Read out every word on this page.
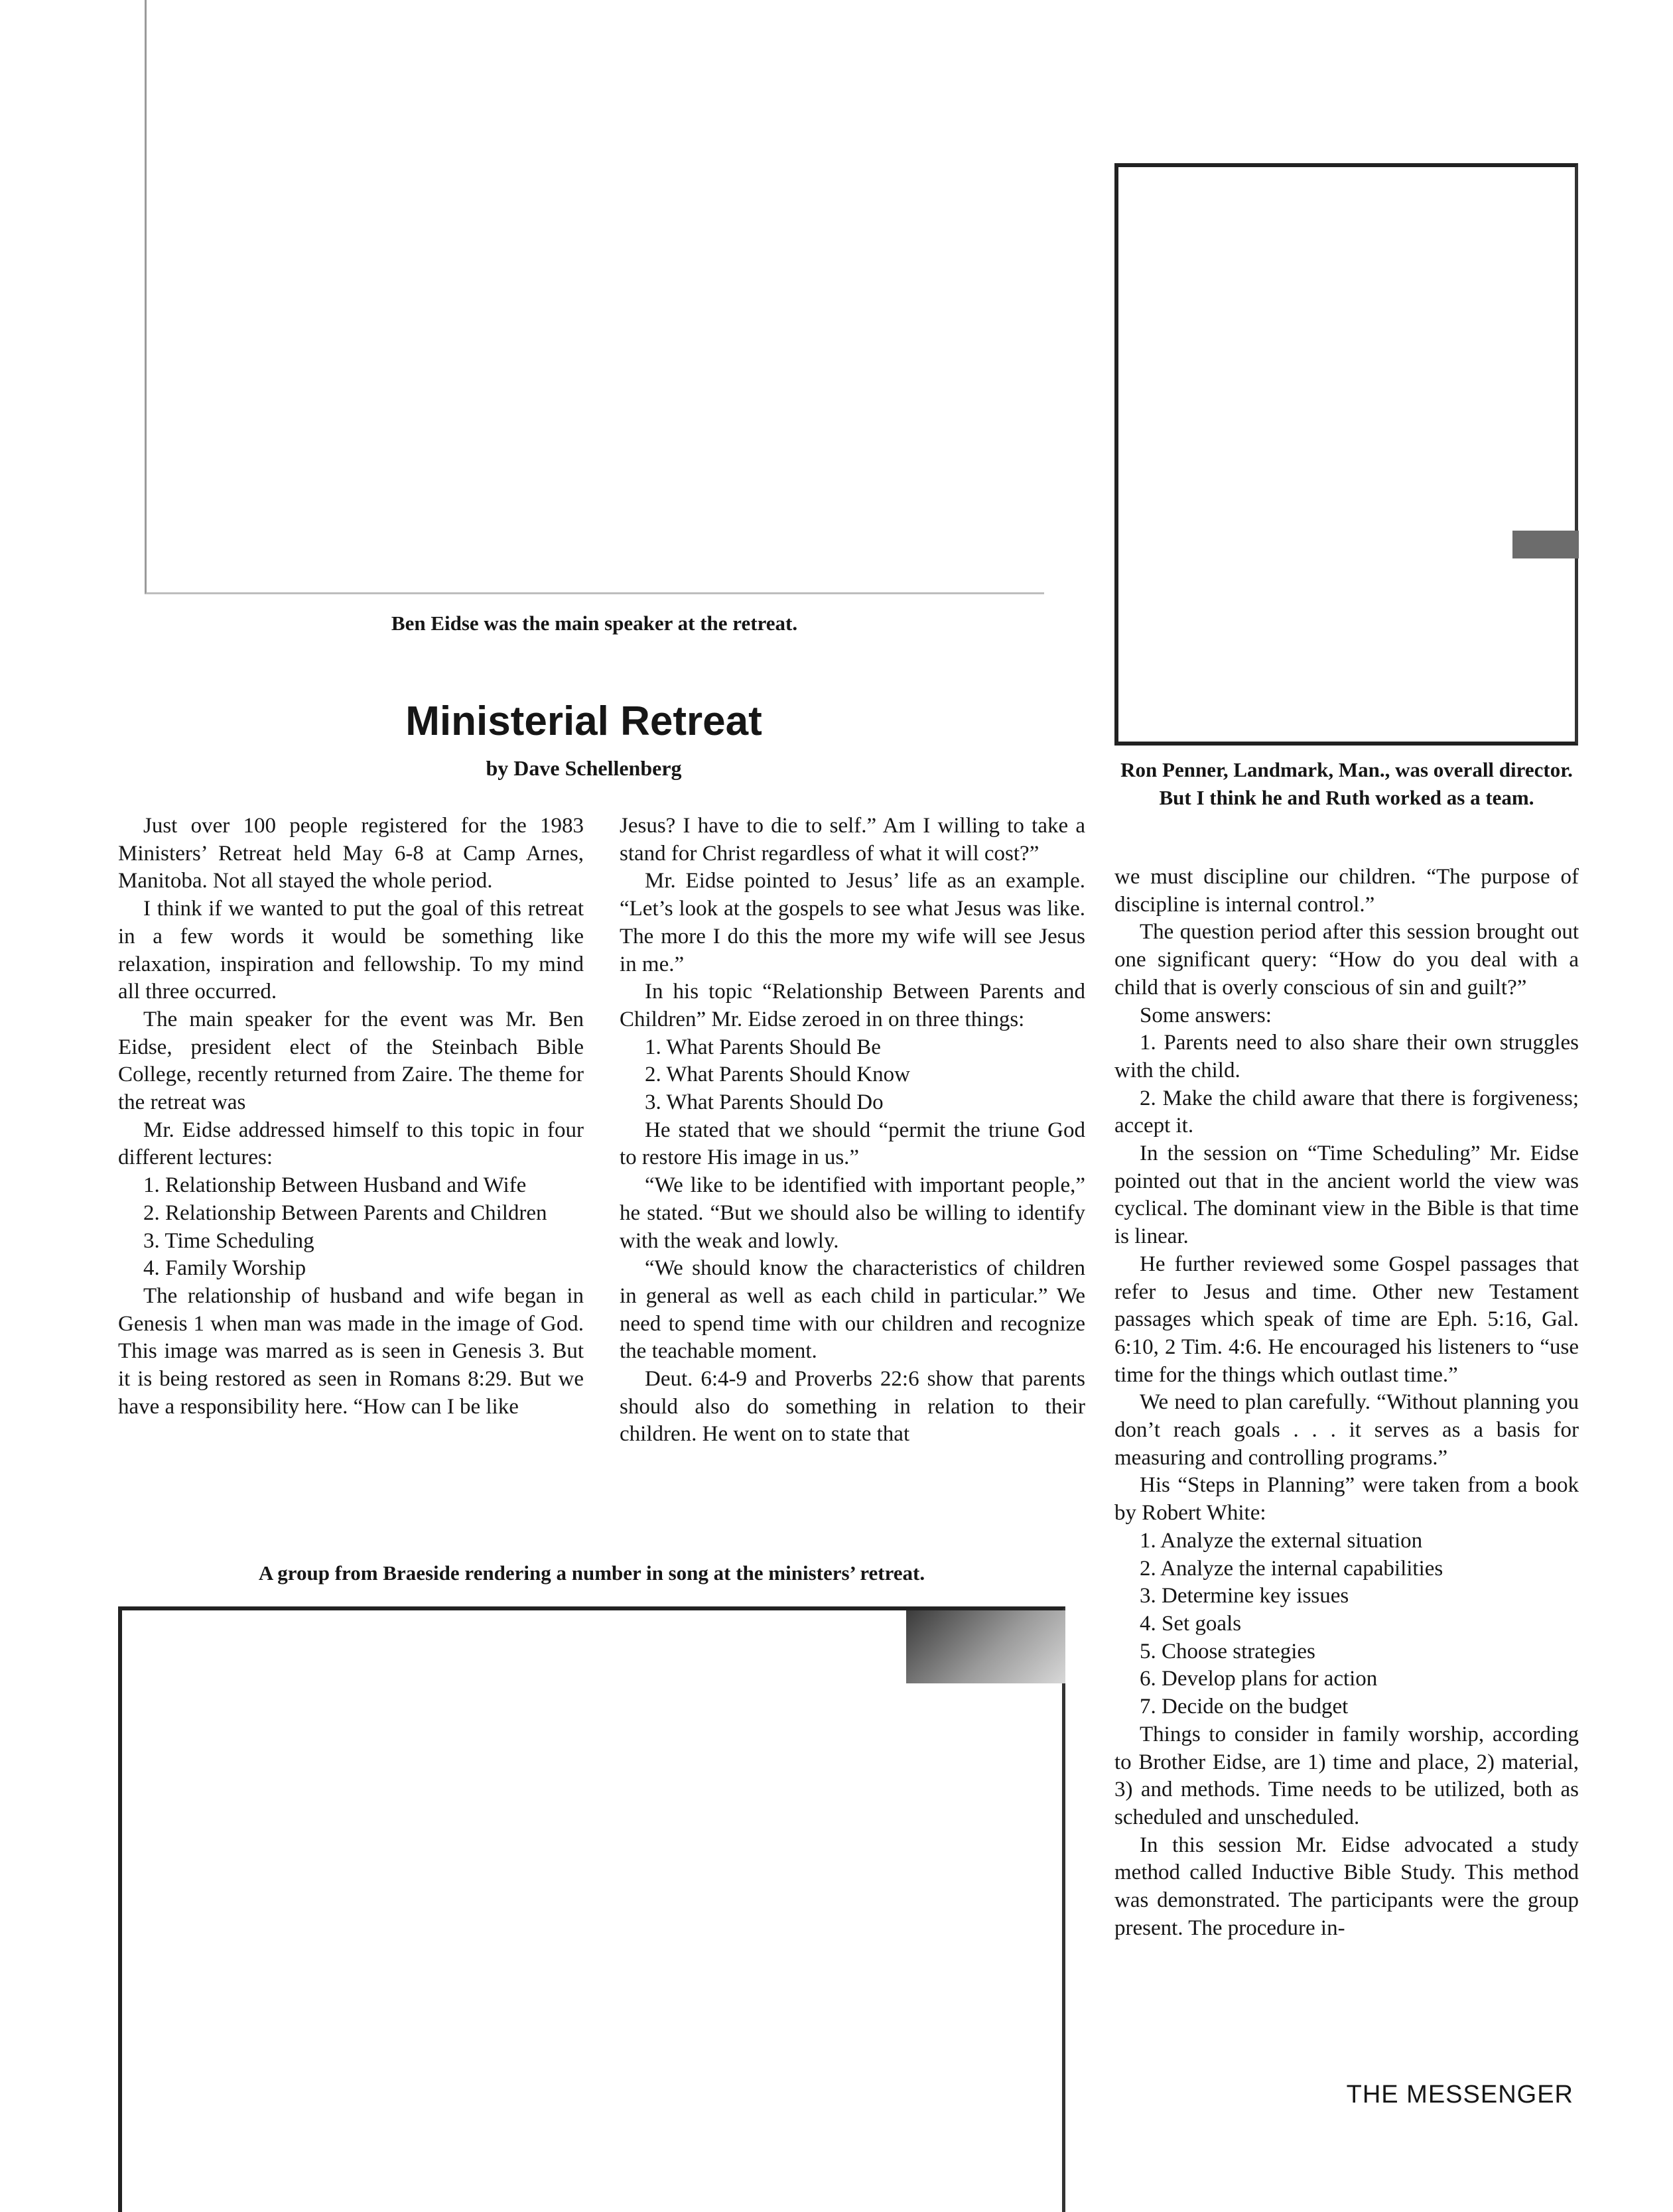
Ben Eidse was the main speaker at the retreat.
Ron Penner, Landmark, Man., was overall director. But I think he and Ruth worked as a team.
Ministerial Retreat
by Dave Schellenberg

Just over 100 people registered for the 1983 Ministers’ Retreat held May 6-8 at Camp Arnes, Manitoba. Not all stayed the whole period.

I think if we wanted to put the goal of this retreat in a few words it would be something like relaxation, inspiration and fellowship. To my mind all three occurred.

The main speaker for the event was Mr. Ben Eidse, president elect of the Steinbach Bible College, recently returned from Zaire. The theme for the retreat was

Mr. Eidse addressed himself to this topic in four different lectures:

1. Relationship Between Husband and Wife

2. Relationship Between Parents and Children

3. Time Scheduling

4. Family Worship

The relationship of husband and wife began in Genesis 1 when man was made in the image of God. This image was marred as is seen in Genesis 3. But it is being restored as seen in Romans 8:29. But we have a responsibility here. “How can I be like

Jesus? I have to die to self.” Am I willing to take a stand for Christ regardless of what it will cost?”

Mr. Eidse pointed to Jesus’ life as an example. “Let’s look at the gospels to see what Jesus was like. The more I do this the more my wife will see Jesus in me.”

In his topic “Relationship Between Parents and Children” Mr. Eidse zeroed in on three things:

1. What Parents Should Be

2. What Parents Should Know

3. What Parents Should Do

He stated that we should “permit the triune God to restore His image in us.”

“We like to be identified with important people,” he stated. “But we should also be willing to identify with the weak and lowly.

“We should know the characteristics of children in general as well as each child in particular.” We need to spend time with our children and recognize the teachable moment.

Deut. 6:4-9 and Proverbs 22:6 show that parents should also do something in relation to their children. He went on to state that

A group from Braeside rendering a number in song at the ministers’ retreat.

we must discipline our children. “The purpose of discipline is internal control.”

The question period after this session brought out one significant query: “How do you deal with a child that is overly conscious of sin and guilt?”

Some answers:

1. Parents need to also share their own struggles with the child.

2. Make the child aware that there is forgiveness; accept it.

In the session on “Time Scheduling” Mr. Eidse pointed out that in the ancient world the view was cyclical. The dominant view in the Bible is that time is linear.

He further reviewed some Gospel passages that refer to Jesus and time. Other new Testament passages which speak of time are Eph. 5:16, Gal. 6:10, 2 Tim. 4:6. He encouraged his listeners to “use time for the things which outlast time.”

We need to plan carefully. “Without planning you don’t reach goals . . . it serves as a basis for measuring and controlling programs.”

His “Steps in Planning” were taken from a book by Robert White:

1. Analyze the external situation

2. Analyze the internal capabilities

3. Determine key issues

4. Set goals

5. Choose strategies

6. Develop plans for action

7. Decide on the budget

Things to consider in family worship, according to Brother Eidse, are 1) time and place, 2) material, 3) and methods. Time needs to be utilized, both as scheduled and unscheduled.

In this session Mr. Eidse advocated a study method called Inductive Bible Study. This method was demonstrated. The participants were the group present. The procedure in-

THE MESSENGER
